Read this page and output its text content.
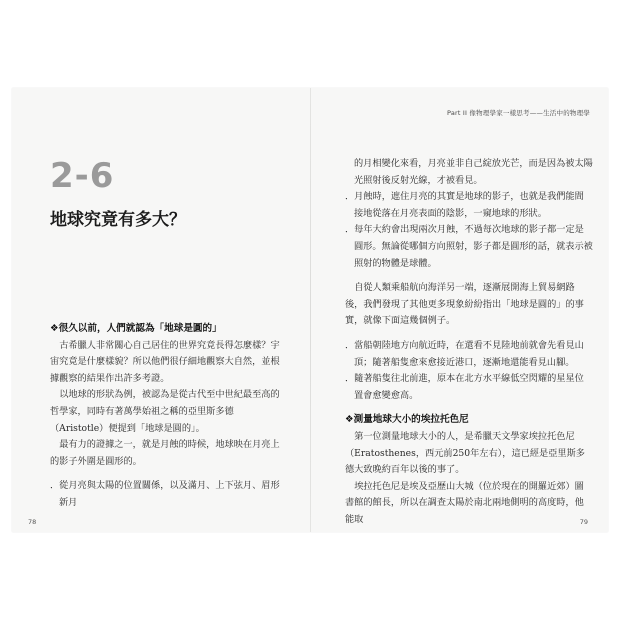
Part II 像物理學家一樣思考——生活中的物理學
2-6
地球究竟有多大？

❖很久以前，人們就認為「地球是圓的」

古希臘人非常關心自己居住的世界究竟長得怎麼樣？宇宙究竟是什麼樣貌？所以他們很仔細地觀察大自然，並根據觀察的結果作出許多考證。

以地球的形狀為例，被認為是從古代至中世紀最至高的哲學家，同時有著萬學始祖之稱的亞里斯多德（Aristotle）便提到「地球是圓的」。

最有力的證據之一，就是月蝕的時候，地球映在月亮上的影子外圍是圓形的。

．從月亮與太陽的位置關係，以及滿月、上下弦月、眉形新月

78

的月相變化來看，月亮並非自己綻放光芒，而是因為被太陽光照射後反射光線，才被看見。

．月蝕時，遮住月亮的其實是地球的影子，也就是我們能間接地從落在月亮表面的陰影，一窺地球的形狀。

．每年大約會出現兩次月蝕，不過每次地球的影子都一定是圓形。無論從哪個方向照射，影子都是圓形的話，就表示被照射的物體是球體。

自從人類乘船航向海洋另一端，逐漸展開海上貿易網路後，我們發現了其他更多現象紛紛指出「地球是圓的」的事實，就像下面這幾個例子。

．當船朝陸地方向航近時，在還看不見陸地前就會先看見山頂；隨著船隻愈來愈接近港口，逐漸地還能看見山腳。

．隨著船隻往北前進，原本在北方水平線低空閃耀的星星位置會愈變愈高。

❖測量地球大小的埃拉托色尼

第一位測量地球大小的人，是希臘天文學家埃拉托色尼（Eratosthenes，西元前250年左右），這已經是亞里斯多德大致晚約百年以後的事了。

埃拉托色尼是埃及亞歷山大城（位於現在的開羅近郊）圖書館的館長，所以在調查太陽於南北兩地側明的高度時，他能取	79
